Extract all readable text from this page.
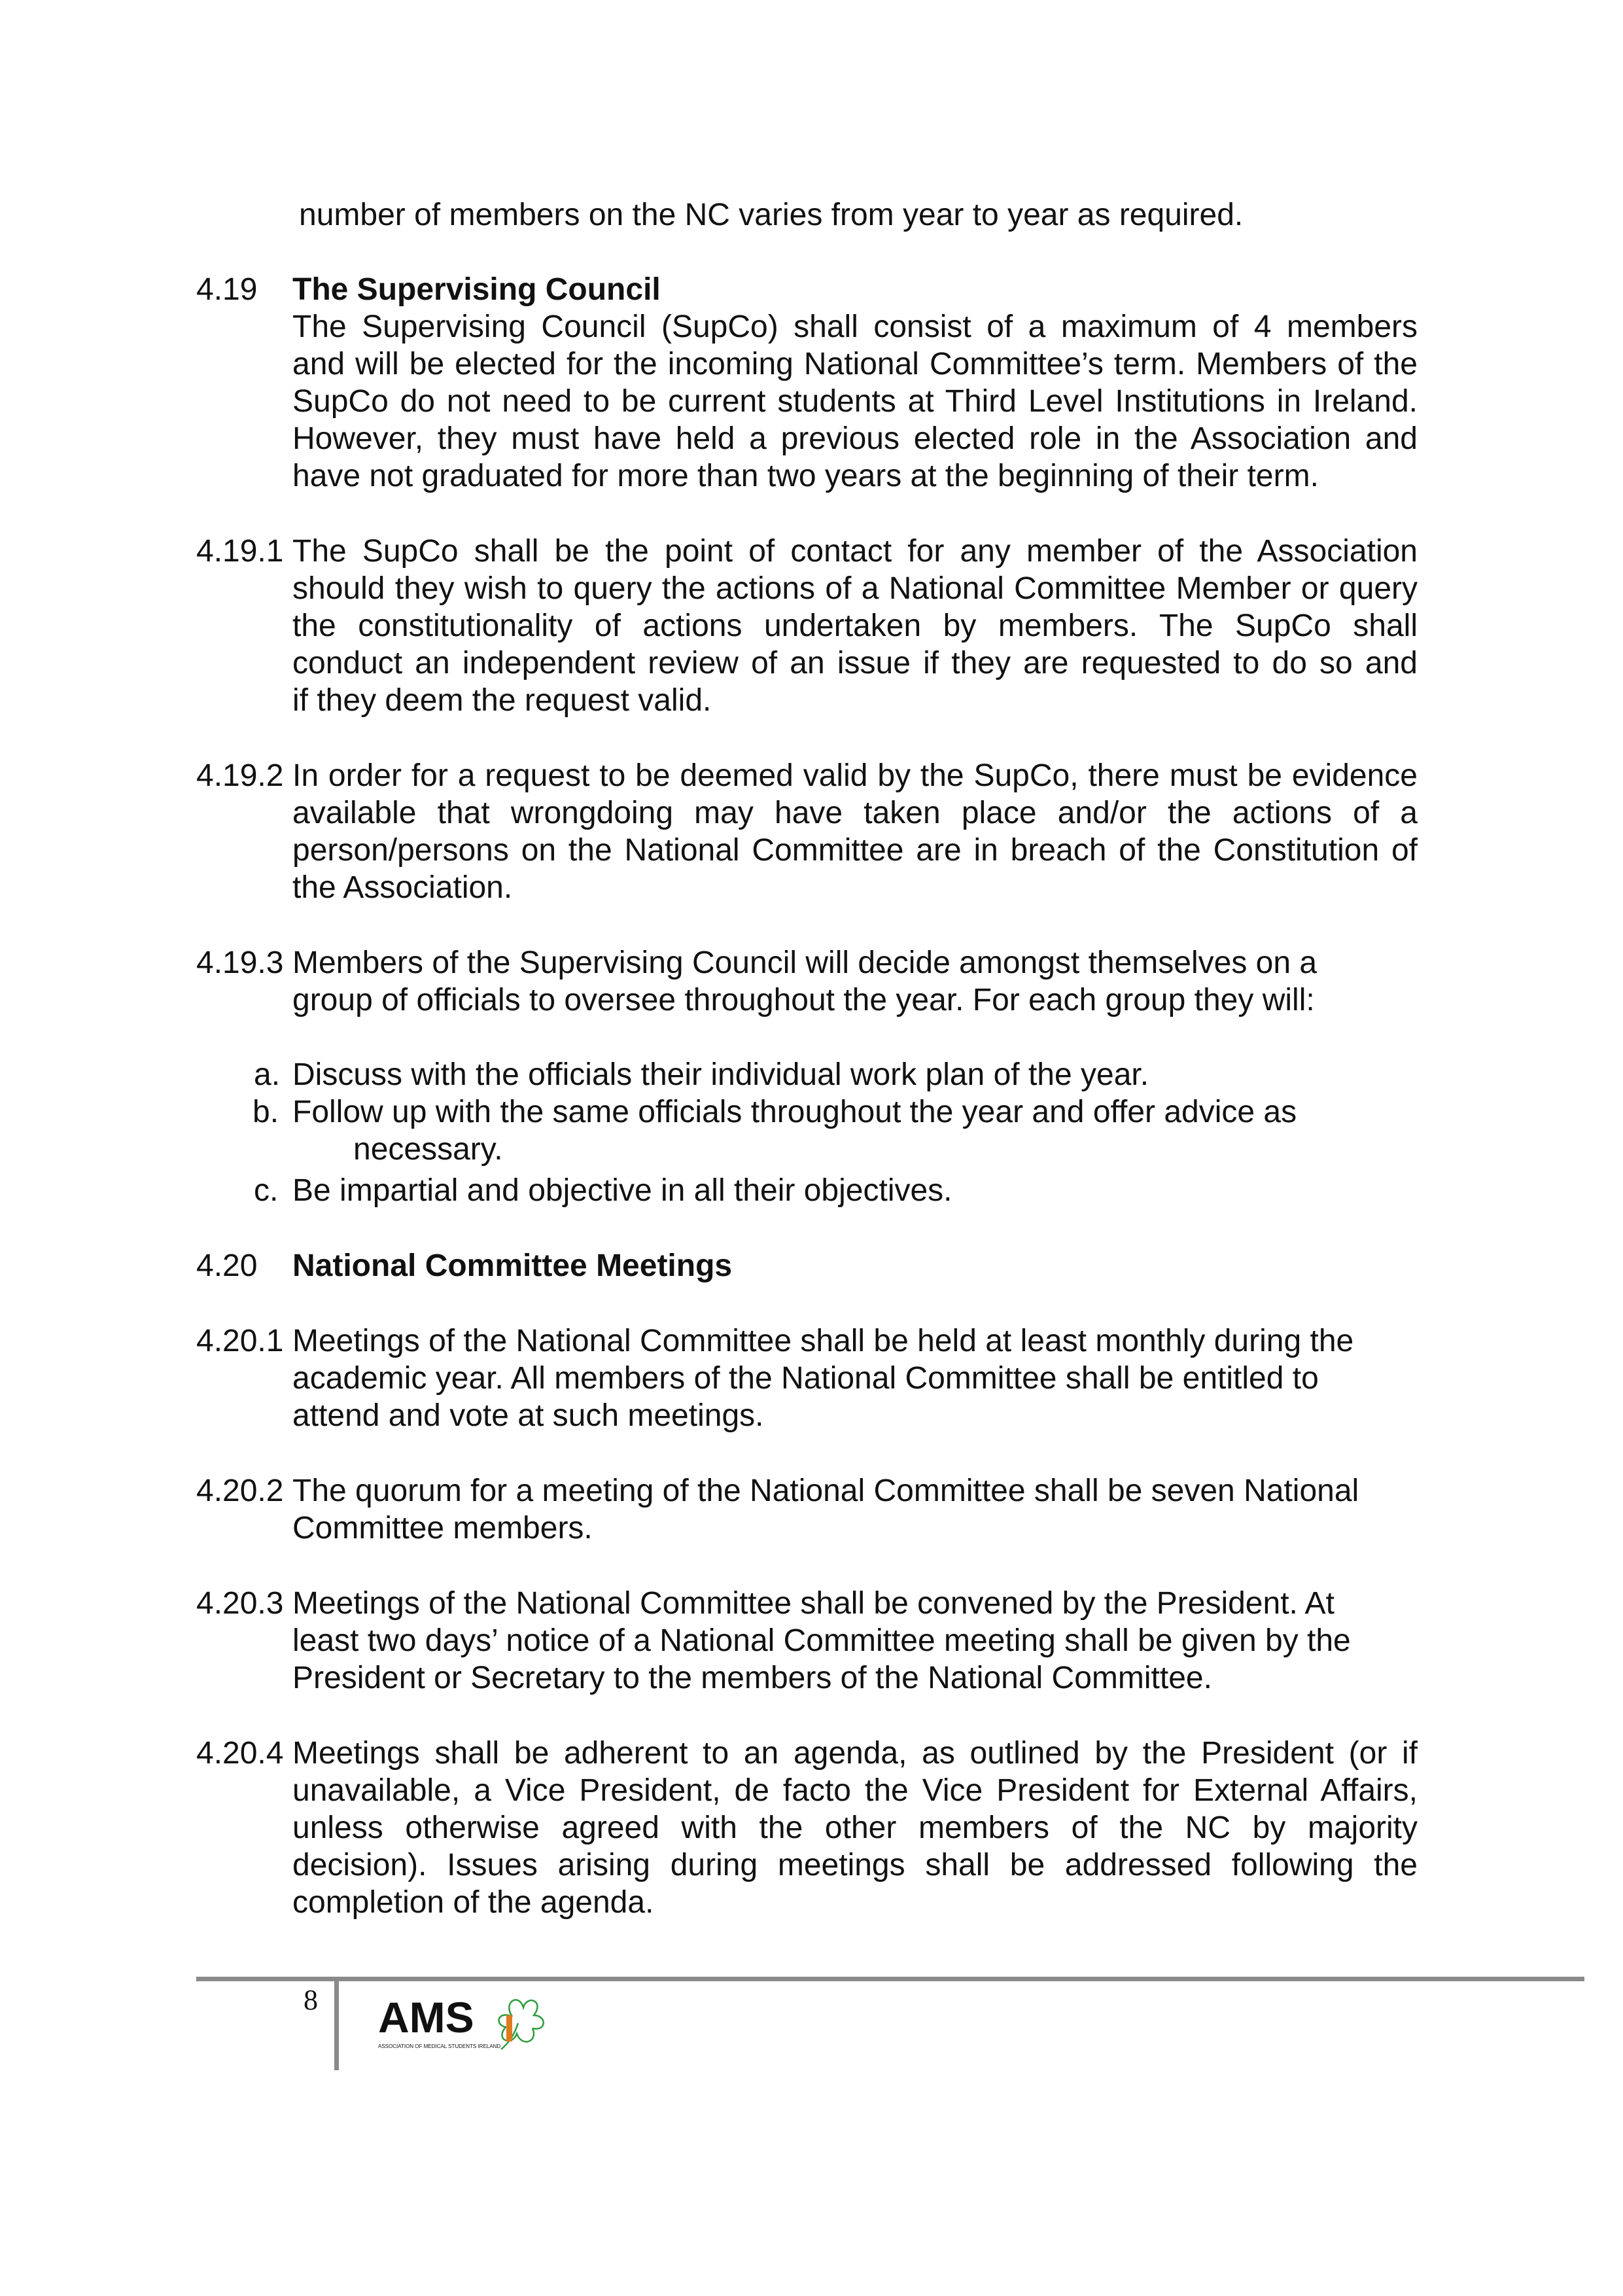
number of members on the NC varies from year to year as required.
4.19 The Supervising Council
The Supervising Council (SupCo) shall consist of a maximum of 4 members
and will be elected for the incoming National Committee’s term. Members of the
SupCo do not need to be current students at Third Level Institutions in Ireland.
However, they must have held a previous elected role in the Association and
have not graduated for more than two years at the beginning of their term.
4.19.1 The SupCo shall be the point of contact for any member of the Association
should they wish to query the actions of a National Committee Member or query
the constitutionality of actions undertaken by members. The SupCo shall
conduct an independent review of an issue if they are requested to do so and
if they deem the request valid.
4.19.2 In order for a request to be deemed valid by the SupCo, there must be evidence
available that wrongdoing may have taken place and/or the actions of a
person/persons on the National Committee are in breach of the Constitution of
the Association.
4.19.3 Members of the Supervising Council will decide amongst themselves on a
group of officials to oversee throughout the year. For each group they will:
a. Discuss with the officials their individual work plan of the year.
b. Follow up with the same officials throughout the year and offer advice as
necessary.
c. Be impartial and objective in all their objectives.
4.20 National Committee Meetings
4.20.1 Meetings of the National Committee shall be held at least monthly during the
academic year. All members of the National Committee shall be entitled to
attend and vote at such meetings.
4.20.2 The quorum for a meeting of the National Committee shall be seven National
Committee members.
4.20.3 Meetings of the National Committee shall be convened by the President. At
least two days’ notice of a National Committee meeting shall be given by the
President or Secretary to the members of the National Committee.
4.20.4 Meetings shall be adherent to an agenda, as outlined by the President (or if
unavailable, a Vice President, de facto the Vice President for External Affairs,
unless otherwise agreed with the other members of the NC by majority
decision). Issues arising during meetings shall be addressed following the
completion of the agenda.
8 AMS
ASSOCIATION OF MEDICAL STUDENTS IRELAND
